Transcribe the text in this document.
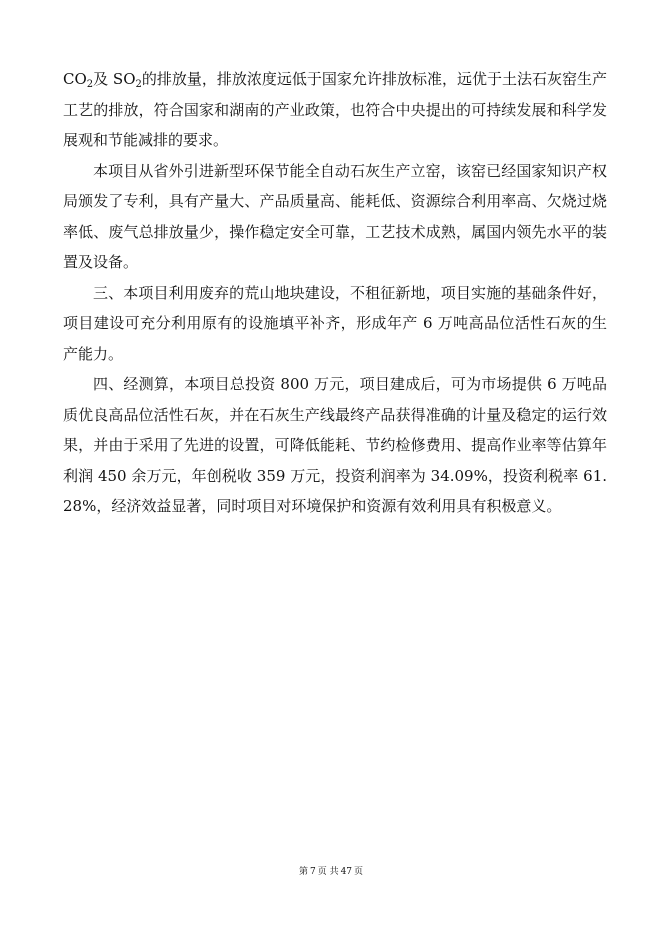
$CO_2$及 $SO_2$的排放量，排放浓度远低于国家允许排放标准，远优于土法石灰窑生产工艺的排放，符合国家和湖南的产业政策，也符合中央提出的可持续发展和科学发展观和节能减排的要求。

本项目从省外引进新型环保节能全自动石灰生产立窑，该窑已经国家知识产权局颁发了专利，具有产量大、产品质量高、能耗低、资源综合利用率高、欠烧过烧率低、废气总排放量少，操作稳定安全可靠，工艺技术成熟，属国内领先水平的装置及设备。

三、本项目利用废弃的荒山地块建设，不租征新地，项目实施的基础条件好，项目建设可充分利用原有的设施填平补齐，形成年产 6 万吨高品位活性石灰的生产能力。

四、经测算，本项目总投资 800 万元，项目建成后，可为市场提供 6 万吨品质优良高品位活性石灰，并在石灰生产线最终产品获得准确的计量及稳定的运行效果，并由于采用了先进的设置，可降低能耗、节约检修费用、提高作业率等估算年利润 450 余万元，年创税收 359 万元，投资利润率为 34.09%，投资利税率 61.28%，经济效益显著，同时项目对环境保护和资源有效利用具有积极意义。

第 7 页 共 47 页
